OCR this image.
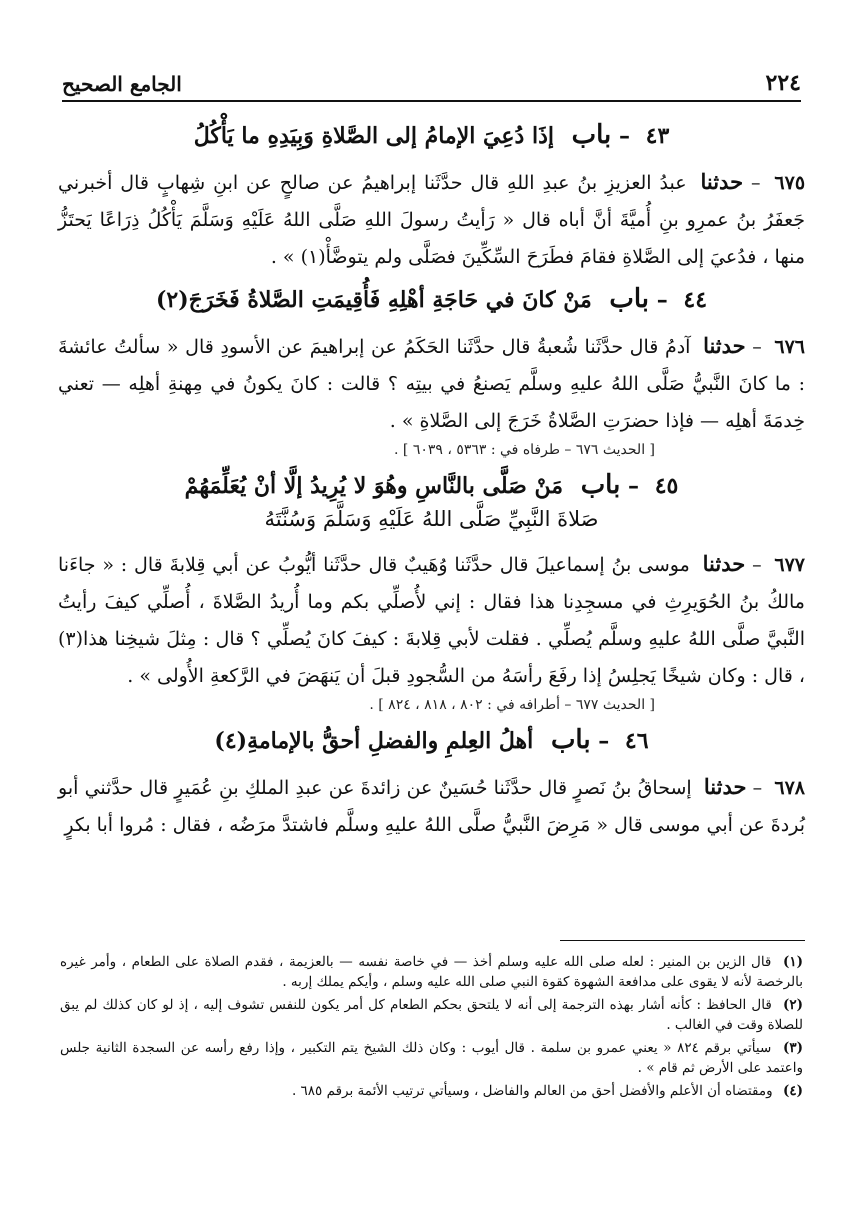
الجامع الصحيح	٢٢٤
٤٣ – باب إذَا دُعِيَ الإمامُ إلى الصَّلاةِ وَبِيَدِهِ ما يَأْكُلُ

٦٧٥ – حدثنا عبدُ العزيزِ بنُ عبدِ اللهِ قال حدَّثَنا إبراهيمُ عن صالحٍ عن ابنِ شِهابٍ قال أخبرني جَعفَرُ بنُ عمرِو بنِ أُميَّةَ أنَّ أباه قال « رَأيتُ رسولَ اللهِ صَلَّى اللهُ عَلَيْهِ وَسَلَّمَ يَأْكُلُ ذِرَاعًا يَحتَزُّ منها ، فدُعيَ إلى الصَّلاةِ فقامَ فطَرَحَ السِّكِّينَ فصَلَّى ولم يتوضَّأْ(١) » .

٤٤ – باب مَنْ كانَ في حَاجَةِ أهْلِهِ فَأُقِيمَتِ الصَّلاةُ فَخَرَجَ(٢)

٦٧٦ – حدثنا آدمُ قال حدَّثَنا شُعبةُ قال حدَّثَنا الحَكَمُ عن إبراهيمَ عن الأسودِ قال « سألتُ عائشةَ : ما كانَ النَّبيُّ صَلَّى اللهُ عليهِ وسلَّم يَصنعُ في بيتِه ؟ قالت : كانَ يكونُ في مِهنةِ أهلِه — تعني خِدمَةَ أهلِه — فإذا حضرَتِ الصَّلاةُ خَرَجَ إلى الصَّلاةِ » .

[ الحديث ٦٧٦ – طرفاه في : ٥٣٦٣ ، ٦٠٣٩ ] .
٤٥ – باب مَنْ صَلَّى بالنَّاسِ وهُوَ لا يُرِيدُ إلَّا أنْ يُعَلِّمَهُمْ
صَلاةَ النَّبِيِّ صَلَّى اللهُ عَلَيْهِ وَسَلَّمَ وَسُنَّتَهُ

٦٧٧ – حدثنا موسى بنُ إسماعيلَ قال حدَّثَنا وُهَيبٌ قال حدَّثَنا أيُّوبُ عن أبي قِلابةَ قال : « جاءَنا مالكُ بنُ الحُوَيرِثِ في مسجِدِنا هذا فقال : إني لأُصلِّي بكم وما أُريدُ الصَّلاةَ ، أُصلِّي كيفَ رأيتُ النَّبيَّ صلَّى اللهُ عليهِ وسلَّم يُصلِّي . فقلت لأبي قِلابةَ : كيفَ كانَ يُصلِّي ؟ قال : مِثلَ شيخِنا هذا(٣) ، قال : وكان شيخًا يَجلِسُ إذا رفَعَ رأسَهُ من السُّجودِ قبلَ أن يَنهَضَ في الرَّكعةِ الأُولى » .

[ الحديث ٦٧٧ – أطرافه في : ٨٠٢ ، ٨١٨ ، ٨٢٤ ] .
٤٦ – باب أهلُ العِلمِ والفضلِ أحقُّ بالإمامةِ(٤)

٦٧٨ – حدثنا إسحاقُ بنُ نَصرٍ قال حدَّثَنا حُسَينٌ عن زائدةَ عن عبدِ الملكِ بنِ عُمَيرٍ قال حدَّثني أبو بُردةَ عن أبي موسى قال « مَرِضَ النَّبيُّ صلَّى اللهُ عليهِ وسلَّم فاشتدَّ مرَضُه ، فقال : مُروا أبا بكرٍ

(١) قال الزين بن المنير : لعله صلى الله عليه وسلم أخذ — في خاصة نفسه — بالعزيمة ، فقدم الصلاة على الطعام ، وأمر غيره بالرخصة لأنه لا يقوى على مدافعة الشهوة كقوة النبي صلى الله عليه وسلم ، وأيكم يملك إربه .

(٢) قال الحافظ : كأنه أشار بهذه الترجمة إلى أنه لا يلتحق بحكم الطعام كل أمر يكون للنفس تشوف إليه ، إذ لو كان كذلك لم يبق للصلاة وقت في الغالب .

(٣) سيأتي برقم ٨٢٤ « يعني عمرو بن سلمة . قال أيوب : وكان ذلك الشيخ يتم التكبير ، وإذا رفع رأسه عن السجدة الثانية جلس واعتمد على الأرض ثم قام » .

(٤) ومقتضاه أن الأعلم والأفضل أحق من العالم والفاضل ، وسيأتي ترتيب الأئمة برقم ٦٨٥ .
